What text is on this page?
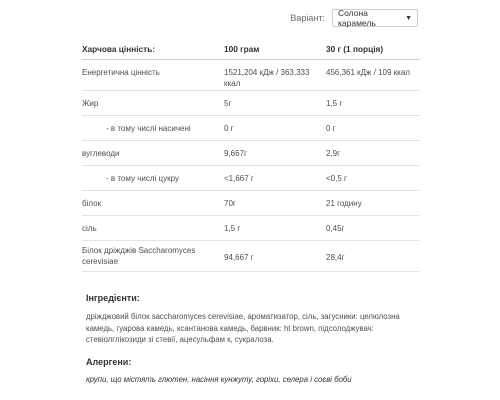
Варіант: Солона карамель	▼
Харчова цінність:	100 грам	30 г (1 порція)

Енергетична цінність	1521,204 кДж / 363,333 ккал	456,361 кДж / 109 ккал

Жир	5г	1,5 г

- в тому числі насичені	0 г	0 г

вуглеводи	9,667г	2,9г

- в тому числі цукру	<1,667 г	<0,5 г

білок	70г	21 годину

сіль	1,5 г	0,45г

Білок дріжджів Saccharomyces cerevisiae	94,667 г	28,4г
Інгредієнти:
дріжджовий білок saccharomyces cerevisiae, ароматизатор, сіль, загусники: целюлозна камедь, гуарова камедь, ксантанова камедь, барвник: ht brown, підсолоджувач: стевіолглікозиди зі стевії, ацесульфам к, сукралоза.
Алергени:
крупи, що містять глютен, насіння кунжуту, горіхи, селера і соєві боби
